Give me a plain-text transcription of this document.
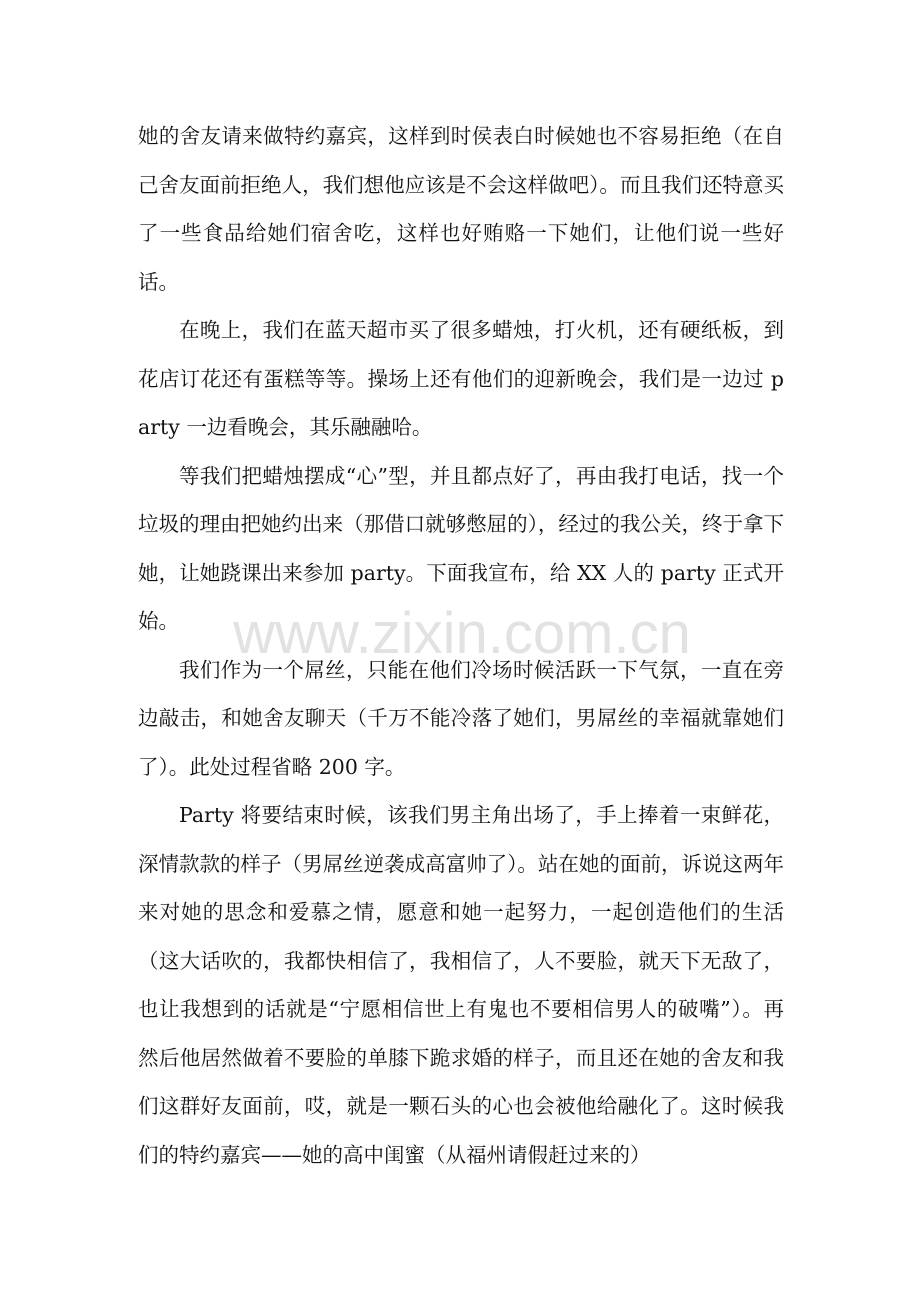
她的舍友请来做特约嘉宾，这样到时侯表白时候她也不容易拒绝（在自己舍友面前拒绝人，我们想他应该是不会这样做吧）。而且我们还特意买了一些食品给她们宿舍吃，这样也好贿赂一下她们，让他们说一些好话。

在晚上，我们在蓝天超市买了很多蜡烛，打火机，还有硬纸板，到花店订花还有蛋糕等等。操场上还有他们的迎新晚会，我们是一边过 party 一边看晚会，其乐融融哈。

等我们把蜡烛摆成“心”型，并且都点好了，再由我打电话，找一个垃圾的理由把她约出来（那借口就够憋屈的），经过的我公关，终于拿下她，让她跷课出来参加 party。下面我宣布，给 XX 人的 party 正式开始。

我们作为一个屌丝，只能在他们冷场时候活跃一下气氛，一直在旁边敲击，和她舍友聊天（千万不能冷落了她们，男屌丝的幸福就靠她们了）。此处过程省略 200 字。

Party 将要结束时候，该我们男主角出场了，手上捧着一束鲜花，深情款款的样子（男屌丝逆袭成高富帅了）。站在她的面前，诉说这两年来对她的思念和爱慕之情，愿意和她一起努力，一起创造他们的生活（这大话吹的，我都快相信了，我相信了，人不要脸，就天下无敌了，也让我想到的话就是“宁愿相信世上有鬼也不要相信男人的破嘴”）。再然后他居然做着不要脸的单膝下跪求婚的样子，而且还在她的舍友和我们这群好友面前，哎，就是一颗石头的心也会被他给融化了。这时候我们的特约嘉宾——她的高中闺蜜（从福州请假赶过来的）

www.zixin.com.cn
